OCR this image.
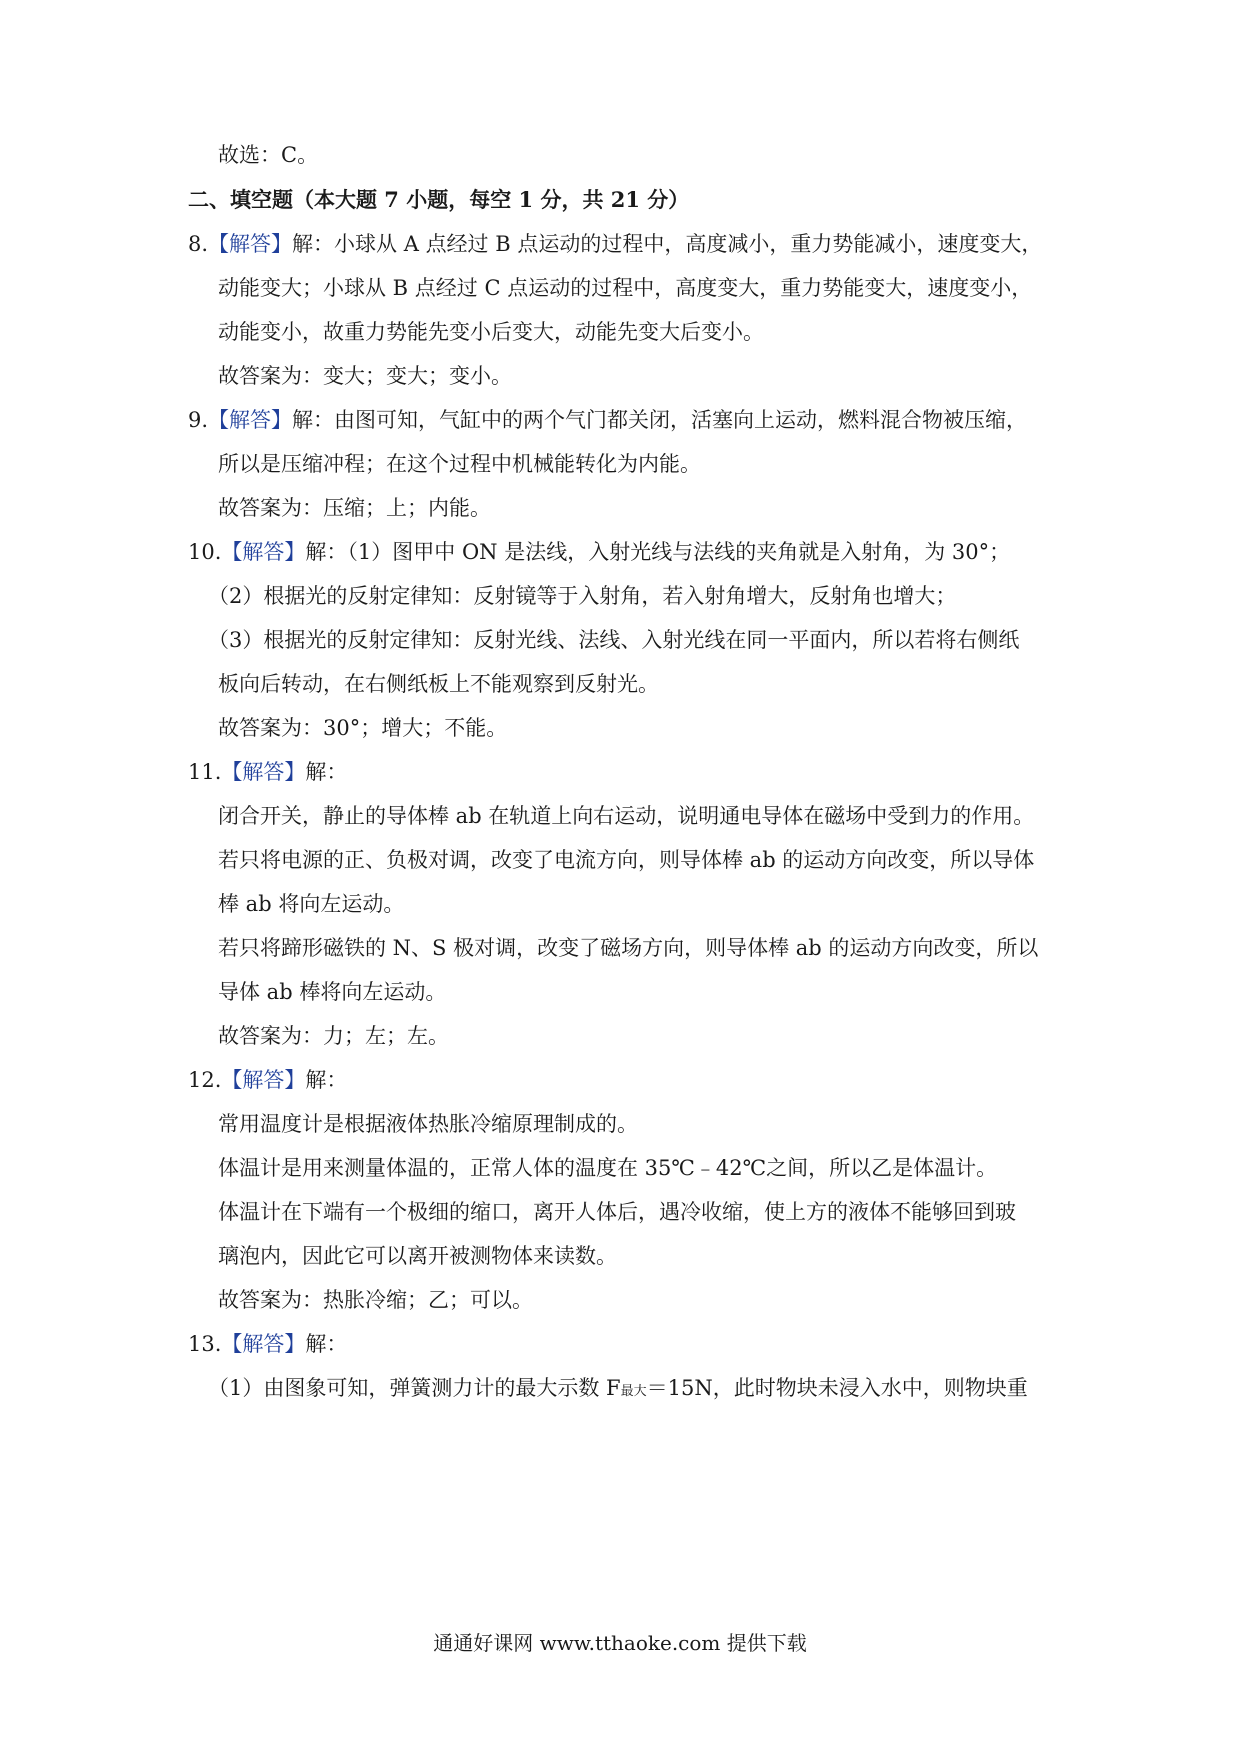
故选：C。
二、填空题（本大题 7 小题，每空 1 分，共 21 分）
8.【解答】解：小球从 A 点经过 B 点运动的过程中，高度减小，重力势能减小，速度变大，
动能变大；小球从 B 点经过 C 点运动的过程中，高度变大，重力势能变大，速度变小，
动能变小，故重力势能先变小后变大，动能先变大后变小。
故答案为：变大；变大；变小。
9.【解答】解：由图可知，气缸中的两个气门都关闭，活塞向上运动，燃料混合物被压缩，
所以是压缩冲程；在这个过程中机械能转化为内能。
故答案为：压缩；上；内能。
10.【解答】解：（1）图甲中 ON 是法线，入射光线与法线的夹角就是入射角，为 30°；
（2）根据光的反射定律知：反射镜等于入射角，若入射角增大，反射角也增大；
（3）根据光的反射定律知：反射光线、法线、入射光线在同一平面内，所以若将右侧纸
板向后转动，在右侧纸板上不能观察到反射光。
故答案为：30°；增大；不能。
11.【解答】解：
闭合开关，静止的导体棒 ab 在轨道上向右运动，说明通电导体在磁场中受到力的作用。
若只将电源的正、负极对调，改变了电流方向，则导体棒 ab 的运动方向改变，所以导体
棒 ab 将向左运动。
若只将蹄形磁铁的 N、S 极对调，改变了磁场方向，则导体棒 ab 的运动方向改变，所以
导体 ab 棒将向左运动。
故答案为：力；左；左。
12.【解答】解：
常用温度计是根据液体热胀冷缩原理制成的。
体温计是用来测量体温的，正常人体的温度在 35℃﹣42℃之间，所以乙是体温计。
体温计在下端有一个极细的缩口，离开人体后，遇冷收缩，使上方的液体不能够回到玻
璃泡内，因此它可以离开被测物体来读数。
故答案为：热胀冷缩；乙；可以。
13.【解答】解：
（1）由图象可知，弹簧测力计的最大示数 F最大＝15N，此时物块未浸入水中，则物块重
通通好课网 www.tthaoke.com 提供下载
